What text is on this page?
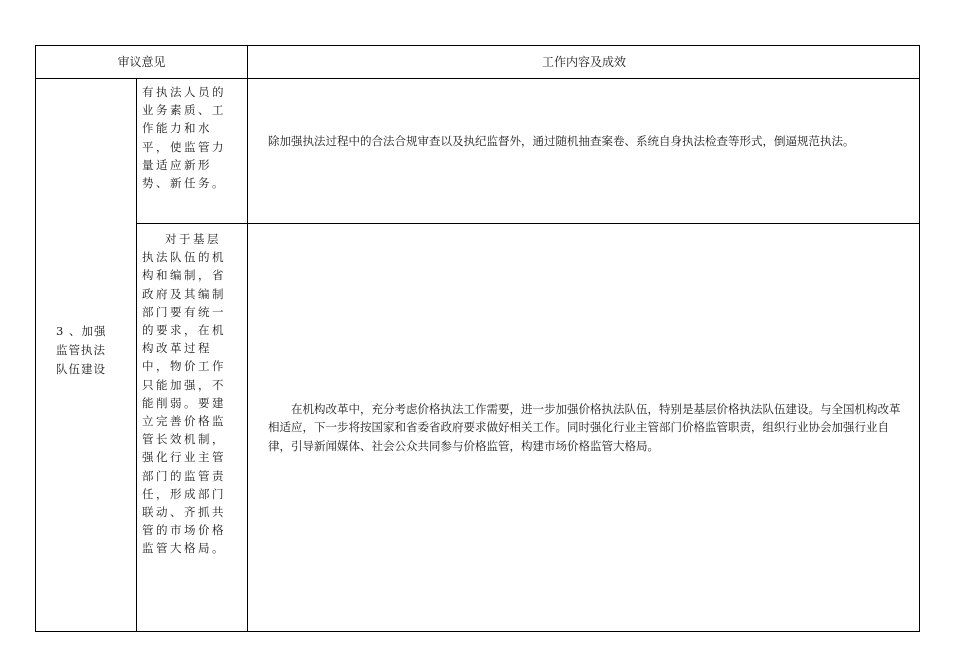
审议意见	工作内容及成效
3 、加强监管执法队伍建设
有执法人员的业务素质、工作能力和水平，使监管力量适应新形势、新任务。
除加强执法过程中的合法合规审查以及执纪监督外，通过随机抽查案卷、系统自身执法检查等形式，倒逼规范执法。
对于基层执法队伍的机构和编制，省政府及其编制部门要有统一的要求，在机构改革过程中，物价工作只能加强，不能削弱。要建立完善价格监管长效机制，强化行业主管部门的监管责任，形成部门联动、齐抓共管的市场价格监管大格局。
在机构改革中，充分考虑价格执法工作需要，进一步加强价格执法队伍，特别是基层价格执法队伍建设。与全国机构改革相适应，下一步将按国家和省委省政府要求做好相关工作。同时强化行业主管部门价格监管职责，组织行业协会加强行业自律，引导新闻媒体、社会公众共同参与价格监管，构建市场价格监管大格局。
